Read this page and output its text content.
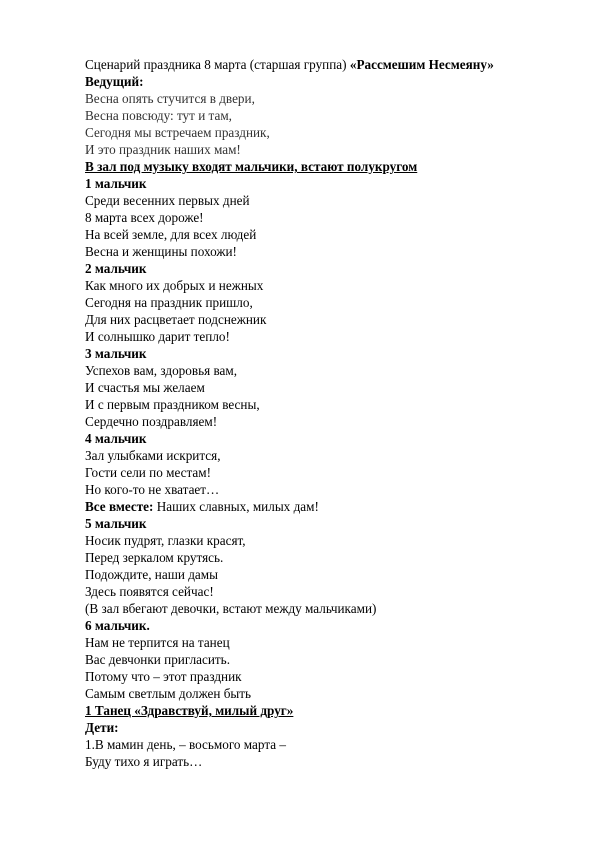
Сценарий праздника 8 марта (старшая группа) «Рассмешим Несмеяну»
Ведущий:
Весна опять стучится в двери,
Весна повсюду: тут и там,
Сегодня мы встречаем праздник,
И это праздник наших мам!
В зал под музыку входят мальчики, встают полукругом
1 мальчик
Среди весенних первых дней
8 марта всех дороже!
На всей земле, для всех людей
Весна и женщины похожи!
2 мальчик
Как много их добрых и нежных
Сегодня на праздник пришло,
Для них расцветает подснежник
И солнышко дарит тепло!
3 мальчик
Успехов вам, здоровья вам,
И счастья мы желаем
И с первым праздником весны,
Сердечно поздравляем!
4 мальчик
Зал улыбками искрится,
Гости сели по местам!
Но кого-то не хватает…
Все вместе: Наших славных, милых дам!
5 мальчик
Носик пудрят, глазки красят,
Перед зеркалом крутясь.
Подождите, наши дамы
Здесь появятся сейчас!
(В зал вбегают девочки, встают между мальчиками)
6 мальчик.
Нам не терпится на танец
Вас девчонки пригласить.
Потому что – этот праздник
Самым светлым должен быть
1 Танец «Здравствуй, милый друг»
Дети:
1.В мамин день, – восьмого марта –
Буду тихо я играть…
